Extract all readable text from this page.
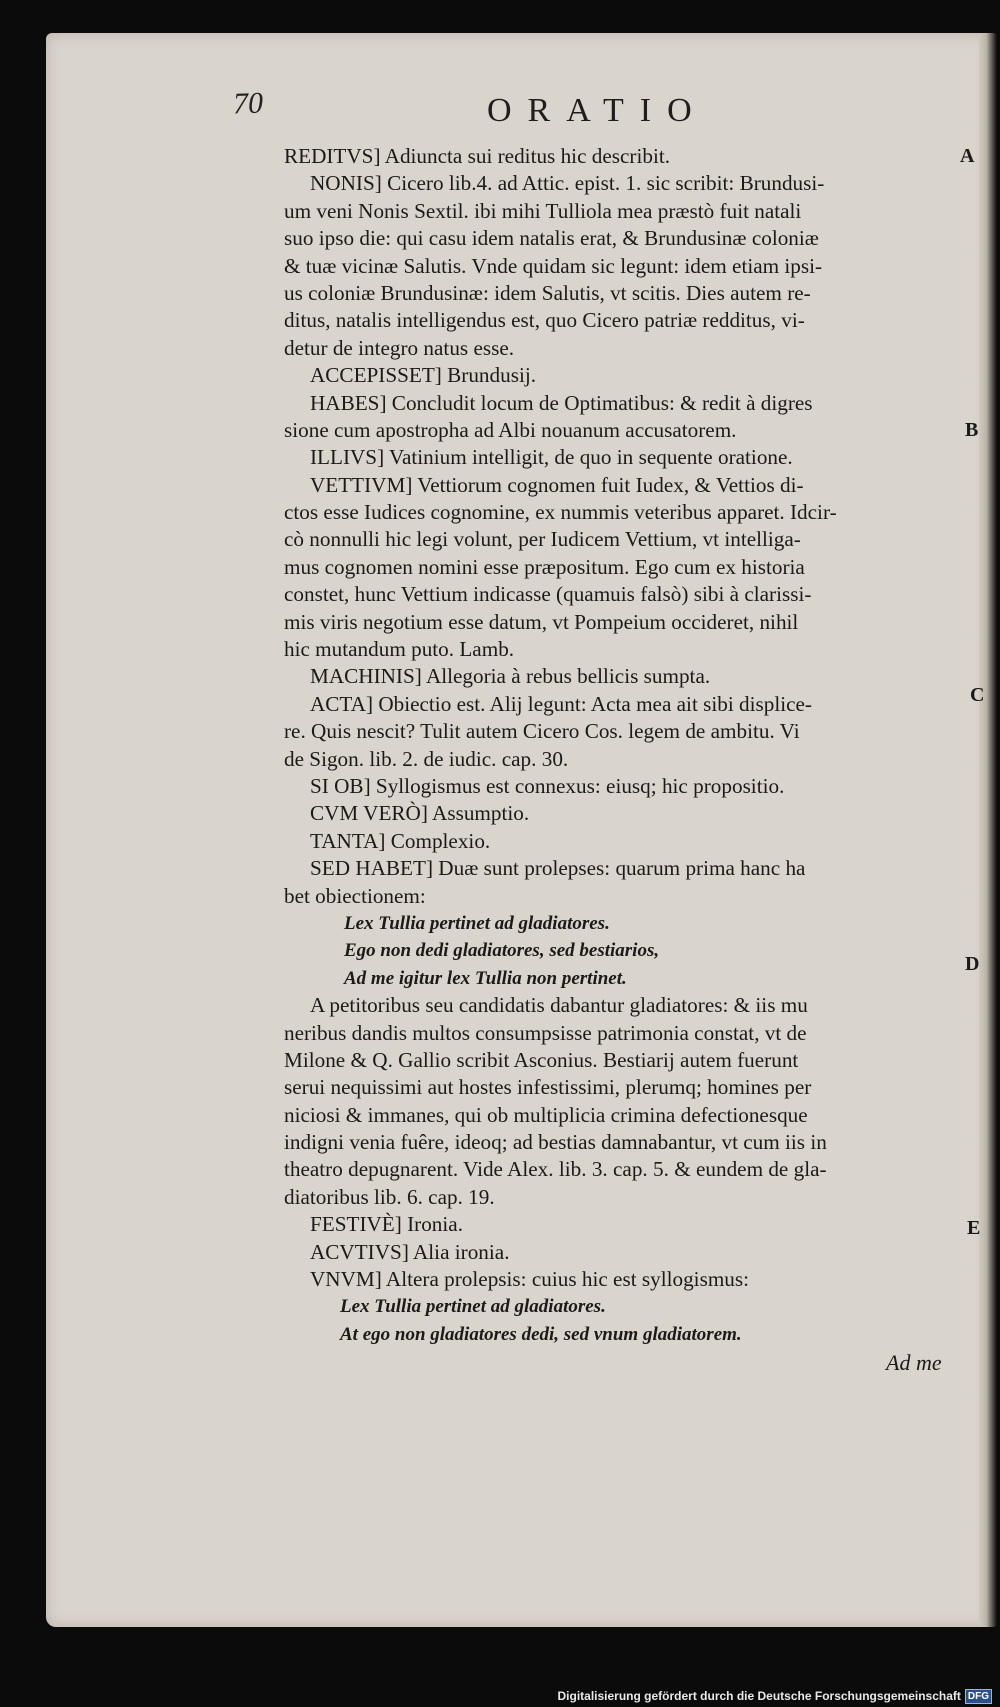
70	ORATIO
REDITVS] Adiuncta sui reditus hic describit.
NONIS] Cicero lib.4. ad Attic. epist. 1. sic scribit: Brundusi-
um veni Nonis Sextil. ibi mihi Tulliola mea præstò fuit natali
suo ipso die: qui casu idem natalis erat, & Brundusinæ coloniæ
& tuæ vicinæ Salutis. Vnde quidam sic legunt: idem etiam ipsi-
us coloniæ Brundusinæ: idem Salutis, vt scitis. Dies autem re-
ditus, natalis intelligendus est, quo Cicero patriæ redditus, vi-
detur de integro natus esse.
ACCEPISSET] Brundusij.
HABES] Concludit locum de Optimatibus: & redit à digres
sione cum apostropha ad Albi nouanum accusatorem.
ILLIVS] Vatinium intelligit, de quo in sequente oratione.
VETTIVM] Vettiorum cognomen fuit Iudex, & Vettios di-
ctos esse Iudices cognomine, ex nummis veteribus apparet. Idcir-
cò nonnulli hic legi volunt, per Iudicem Vettium, vt intelliga-
mus cognomen nomini esse præpositum. Ego cum ex historia
constet, hunc Vettium indicasse (quamuis falsò) sibi à clarissi-
mis viris negotium esse datum, vt Pompeium occideret, nihil
hic mutandum puto. Lamb.
MACHINIS] Allegoria à rebus bellicis sumpta.
ACTA] Obiectio est. Alij legunt: Acta mea ait sibi displice-
re. Quis nescit? Tulit autem Cicero Cos. legem de ambitu. Vi
de Sigon. lib. 2. de iudic. cap. 30.
SI OB] Syllogismus est connexus: eiusq; hic propositio.
CVM VERÒ] Assumptio.
TANTA] Complexio.
SED HABET] Duæ sunt prolepses: quarum prima hanc ha
bet obiectionem:
Lex Tullia pertinet ad gladiatores.
Ego non dedi gladiatores, sed bestiarios,
Ad me igitur lex Tullia non pertinet.
A petitoribus seu candidatis dabantur gladiatores: & iis mu
neribus dandis multos consumpsisse patrimonia constat, vt de
Milone & Q. Gallio scribit Asconius. Bestiarij autem fuerunt
serui nequissimi aut hostes infestissimi, plerumq; homines per
niciosi & immanes, qui ob multiplicia crimina defectionesque
indigni venia fuêre, ideoq; ad bestias damnabantur, vt cum iis in
theatro depugnarent. Vide Alex. lib. 3. cap. 5. & eundem de gla-
diatoribus lib. 6. cap. 19.
FESTIVÈ] Ironia.
ACVTIVS] Alia ironia.
VNVM] Altera prolepsis: cuius hic est syllogismus:
Lex Tullia pertinet ad gladiatores.
At ego non gladiatores dedi, sed vnum gladiatorem.
Ad me
A
B
C
D
E
Digitalisierung gefördert durch die Deutsche Forschungsgemeinschaft DFG
